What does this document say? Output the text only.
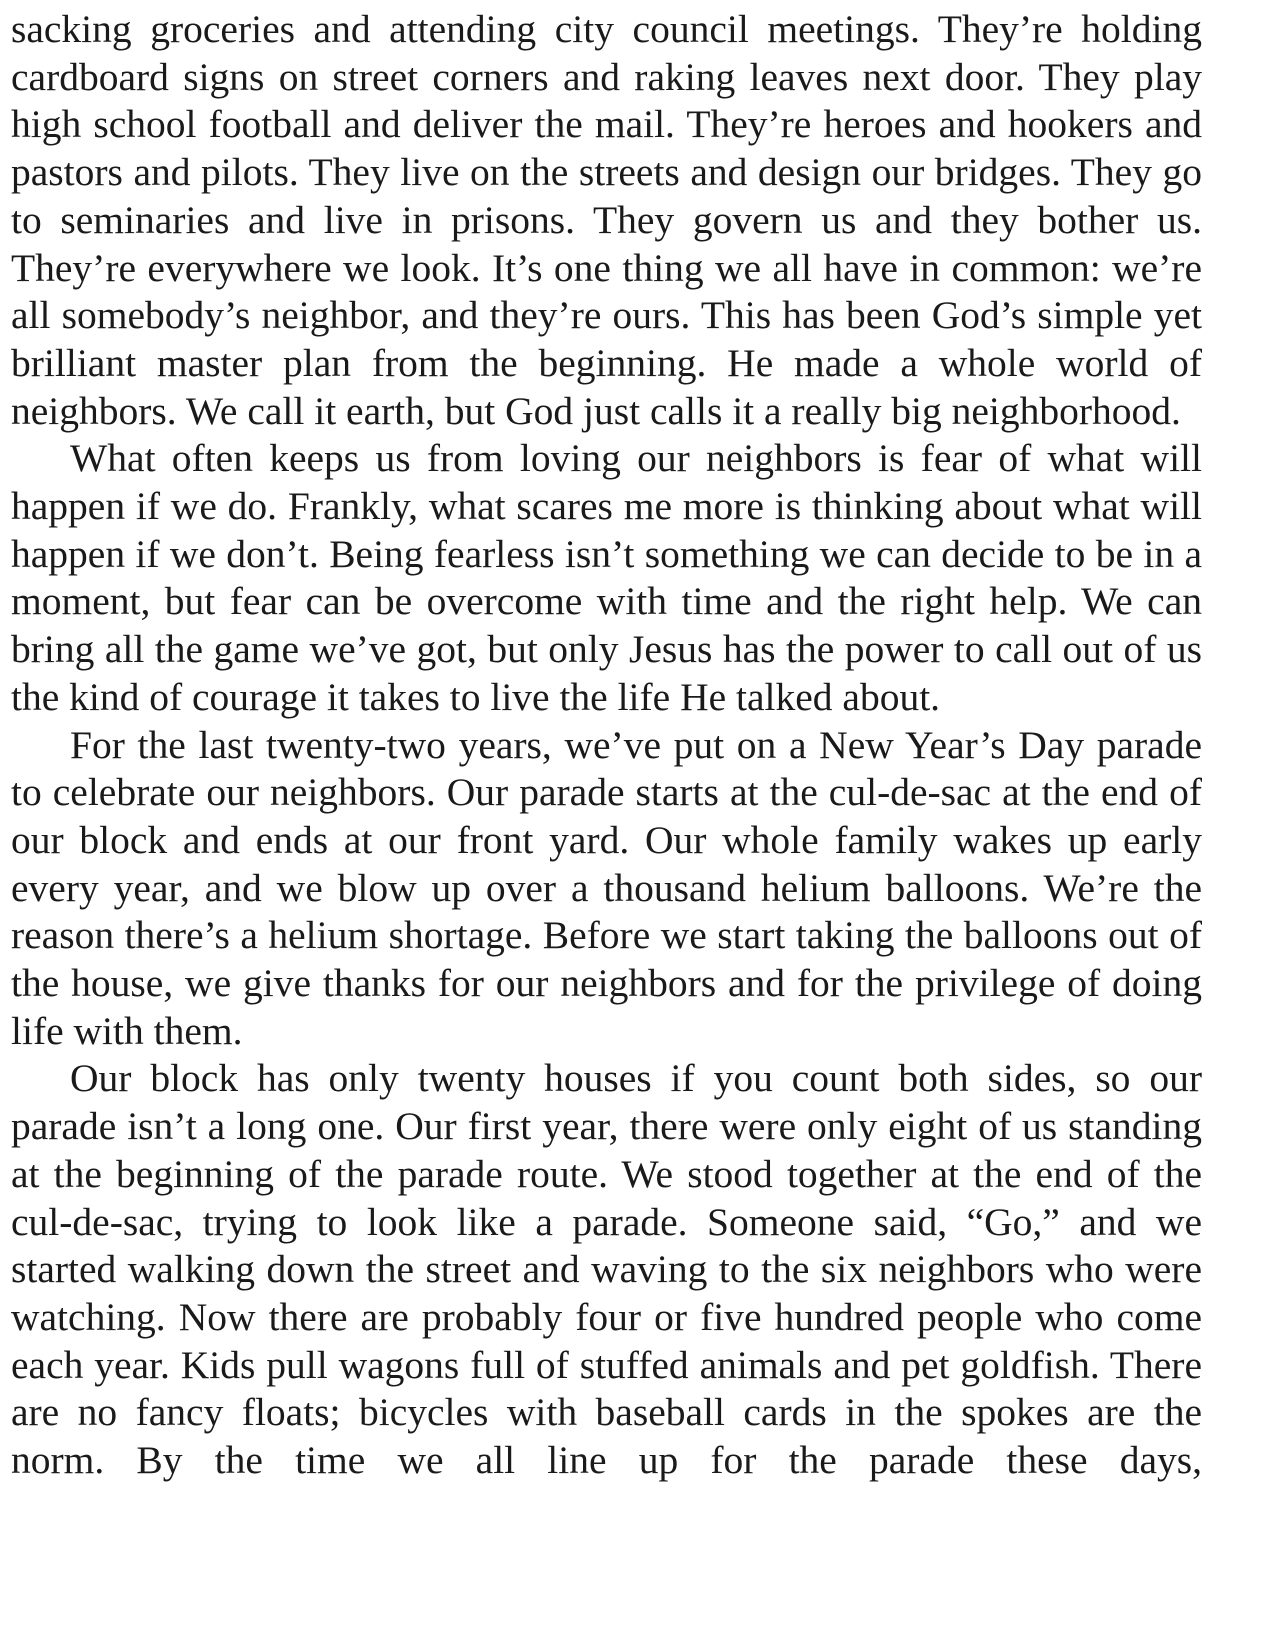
sacking groceries and attending city council meetings. They’re holding cardboard signs on street corners and raking leaves next door. They play high school football and deliver the mail. They’re heroes and hookers and pastors and pilots. They live on the streets and design our bridges. They go to seminaries and live in prisons. They govern us and they bother us. They’re everywhere we look. It’s one thing we all have in common: we’re all somebody’s neighbor, and they’re ours. This has been God’s simple yet brilliant master plan from the beginning. He made a whole world of neighbors. We call it earth, but God just calls it a really big neighborhood.

What often keeps us from loving our neighbors is fear of what will happen if we do. Frankly, what scares me more is thinking about what will happen if we don’t. Being fearless isn’t something we can decide to be in a moment, but fear can be overcome with time and the right help. We can bring all the game we’ve got, but only Jesus has the power to call out of us the kind of courage it takes to live the life He talked about.

For the last twenty-two years, we’ve put on a New Year’s Day parade to celebrate our neighbors. Our parade starts at the cul-de-sac at the end of our block and ends at our front yard. Our whole family wakes up early every year, and we blow up over a thousand helium balloons. We’re the reason there’s a helium shortage. Before we start taking the balloons out of the house, we give thanks for our neighbors and for the privilege of doing life with them.

Our block has only twenty houses if you count both sides, so our parade isn’t a long one. Our first year, there were only eight of us standing at the beginning of the parade route. We stood together at the end of the cul-de-sac, trying to look like a parade. Someone said, “Go,” and we started walking down the street and waving to the six neighbors who were watching. Now there are probably four or five hundred people who come each year. Kids pull wagons full of stuffed animals and pet goldfish. There are no fancy floats; bicycles with baseball cards in the spokes are the norm. By the time we all line up for the parade these days,
